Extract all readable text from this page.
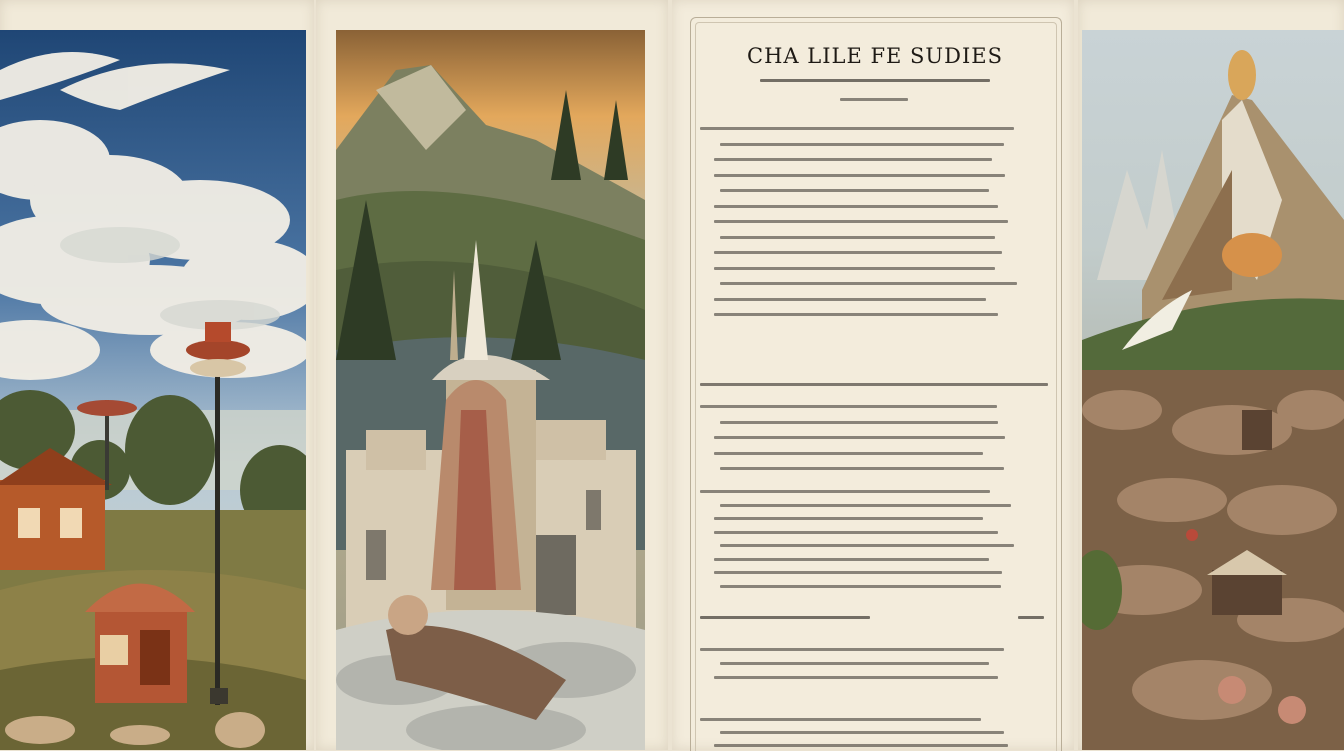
CHA LILE FE SUDIES
